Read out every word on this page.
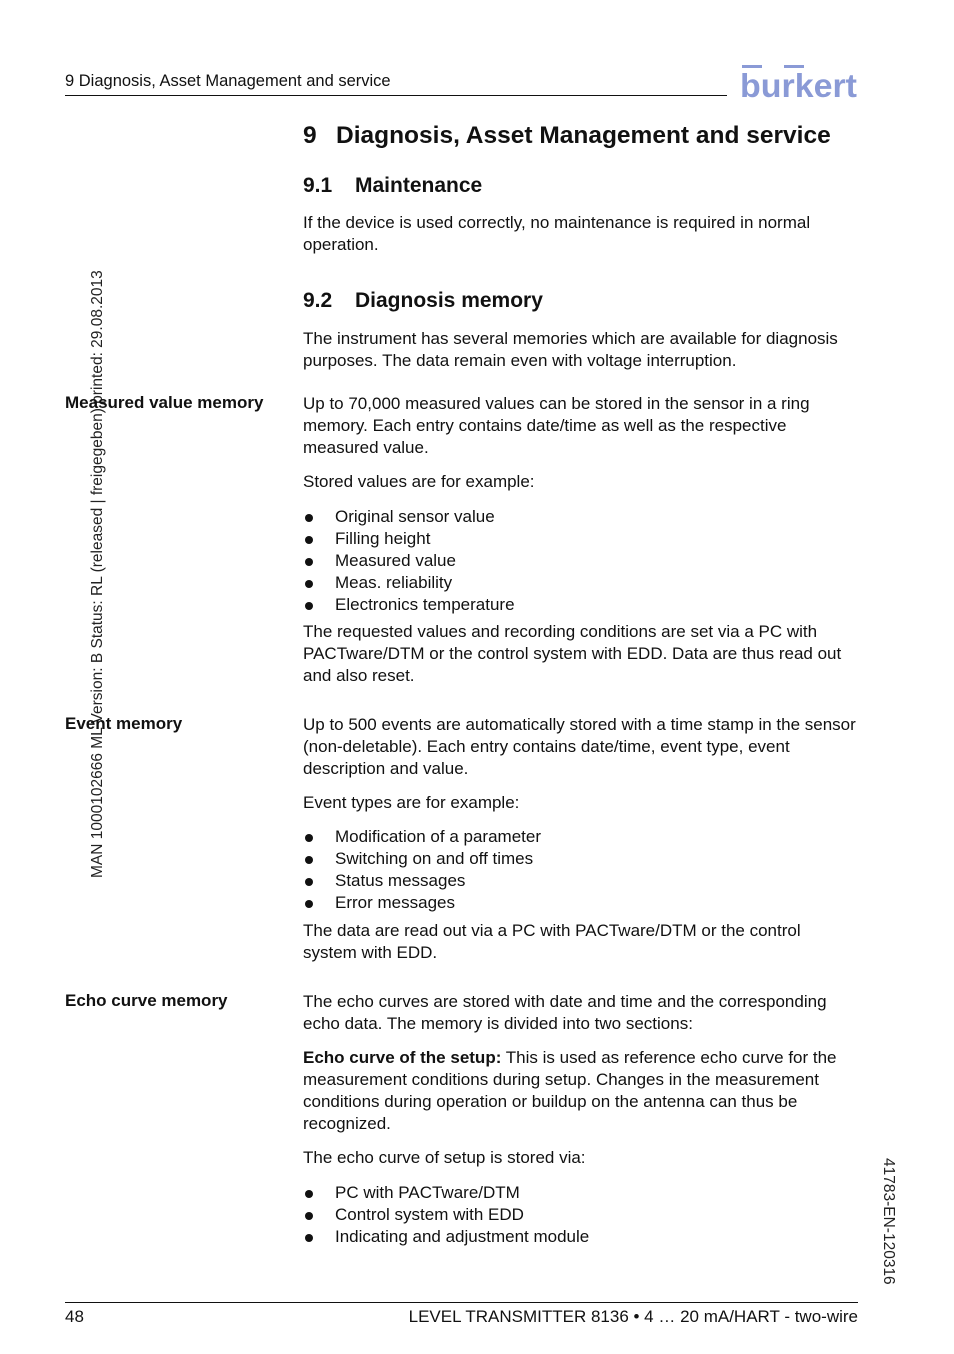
9 Diagnosis, Asset Management and service	burkert
MAN 1000102666 ML Version: B Status: RL (released | freigegeben) printed: 29.08.2013
41783-EN-120316
9 Diagnosis, Asset Management and service
9.1 Maintenance

If the device is used correctly, no maintenance is required in normal operation.

9.2 Diagnosis memory

The instrument has several memories which are available for diagnosis purposes. The data remain even with voltage interruption.

Measured value memory Up to 70,000 measured values can be stored in the sensor in a ring memory. Each entry contains date/time as well as the respective measured value.

Stored values are for example:

Original sensor value
Filling height
Measured value
Meas. reliability
Electronics temperature

The requested values and recording conditions are set via a PC with PACTware/DTM or the control system with EDD. Data are thus read out and also reset.

Event memory	Up to 500 events are automatically stored with a time stamp in the sensor (non-deletable). Each entry contains date/time, event type, event description and value.

Event types are for example:

Modification of a parameter
Switching on and off times
Status messages
Error messages

The data are read out via a PC with PACTware/DTM or the control system with EDD.

Echo curve memory	The echo curves are stored with date and time and the corresponding echo data. The memory is divided into two sections:

Echo curve of the setup: This is used as reference echo curve for the measurement conditions during setup. Changes in the measurement conditions during operation or buildup on the antenna can thus be recognized.

The echo curve of setup is stored via:

PC with PACTware/DTM
Control system with EDD
Indicating and adjustment module
48	LEVEL TRANSMITTER 8136 • 4 … 20 mA/HART - two-wire
